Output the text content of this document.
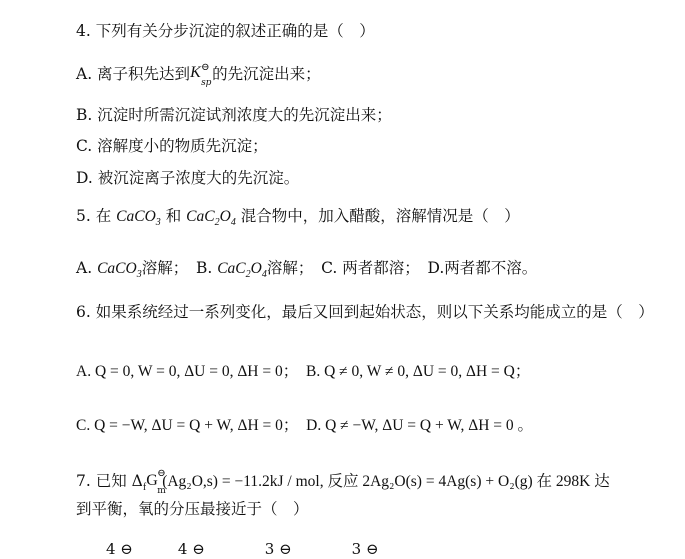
4. 下列有关分步沉淀的叙述正确的是（　）
A. 离子积先达到 K ⊖
sp 的先沉淀出来；
B. 沉淀时所需沉淀试剂浓度大的先沉淀出来；
C. 溶解度小的物质先沉淀；
D. 被沉淀离子浓度大的先沉淀。
5. 在 CaCO$_3$ 和 $CaC_2O_4$ 混合物中，加入醋酸，溶解情况是（　）
A. CaCO$_3$溶解；　B. $CaC_2O_4$溶解；　C. 两者都溶；　D.两者都不溶。
6. 如果系统经过一系列变化，最后又回到起始状态，则以下关系均能成立的是（　）
A. Q = 0, W = 0, ΔU = 0, ΔH = 0；　B. Q ≠ 0, W ≠ 0, ΔU = 0, ΔH = Q；
C. Q = −W, ΔU = Q + W, ΔH = 0；　D. Q ≠ −W, ΔU = Q + W, ΔH = 0 。
7. 已知 $\Delta_f$ G ⊖
m
(Ag₂O,s) = −11.2kJ / mol, 反应 2Ag₂O(s) = 4Ag(s) + O₂(g) 在 298K 达
到平衡，氧的分压最接近于（　）
　　4 ⊖　　　4 ⊖　　　　3 ⊖　　　　3 ⊖
